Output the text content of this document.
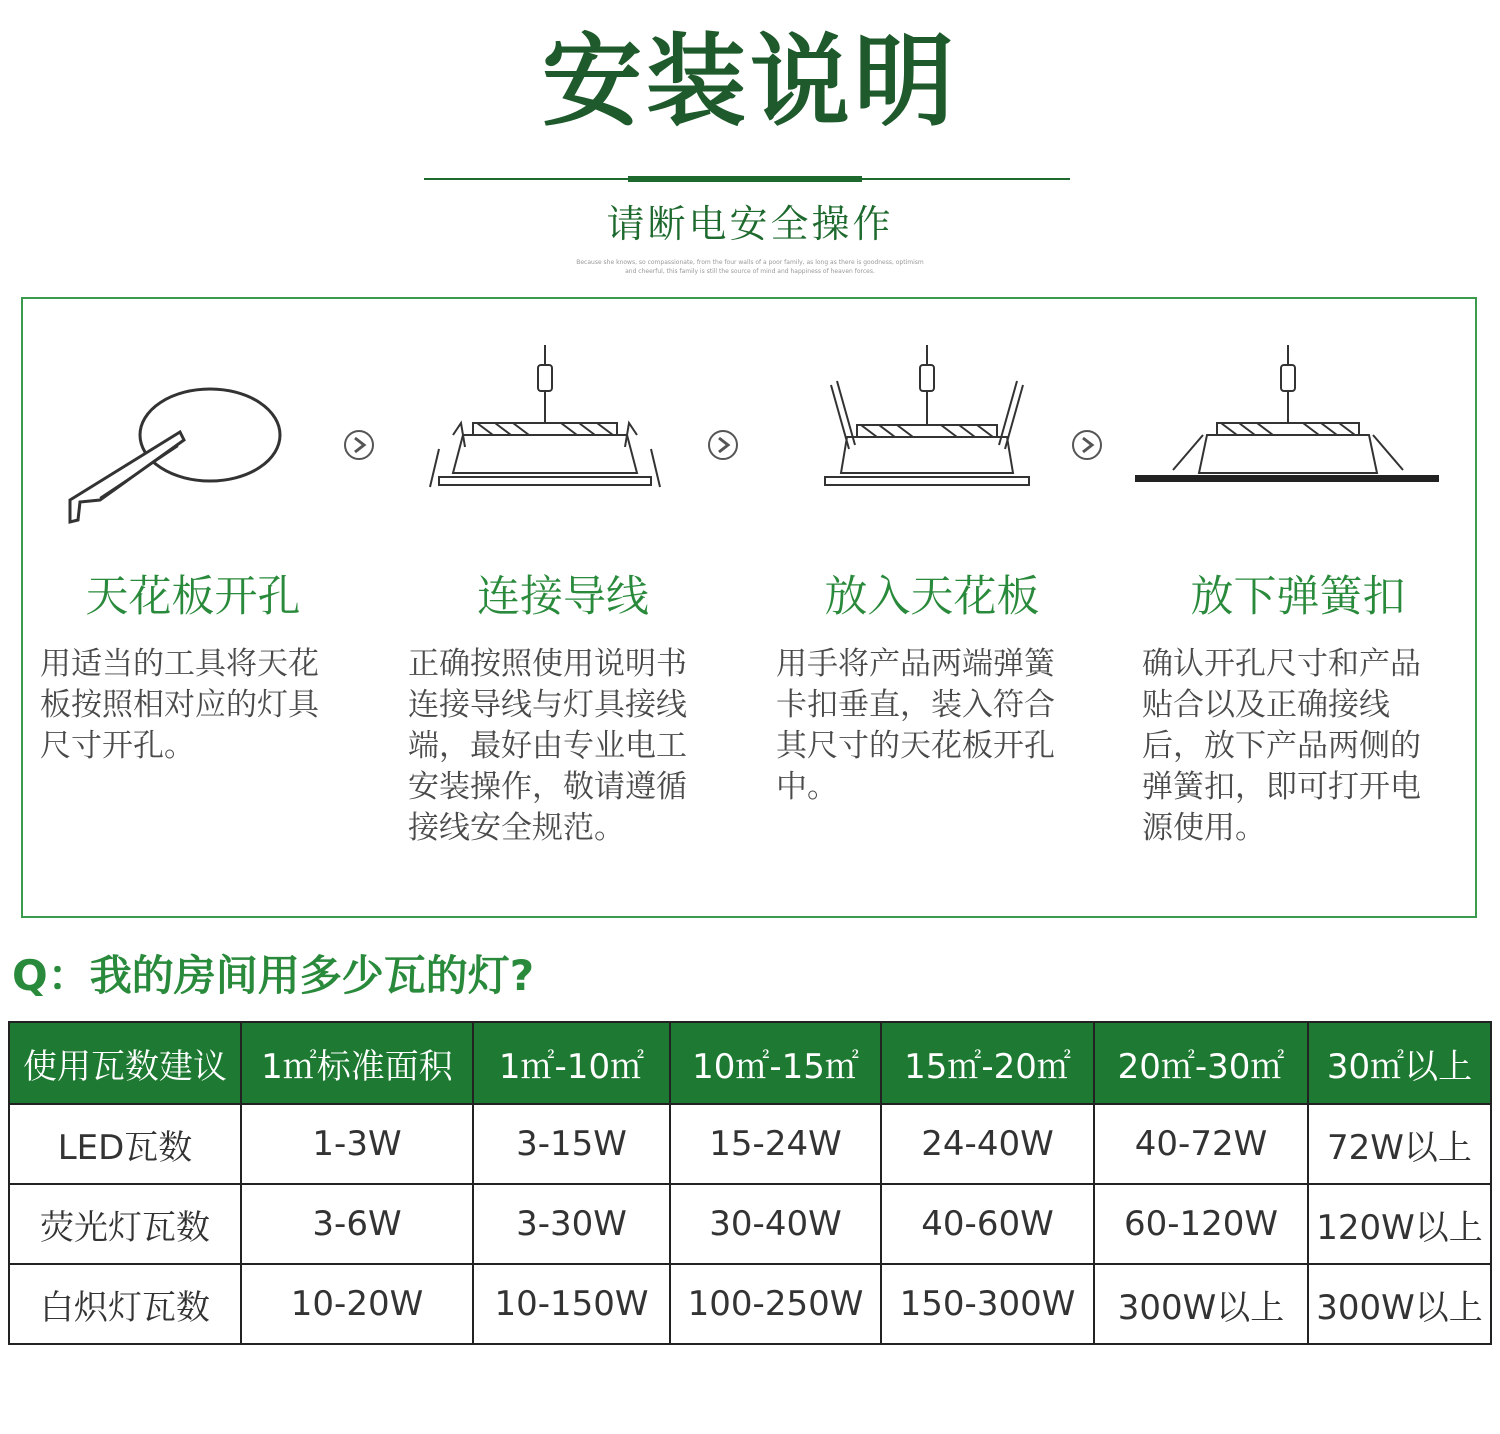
安装说明
请断电安全操作
Because she knows, so compassionate, from the four walls of a poor family, as long as there is goodness, optimism
and cheerful, this family is still the source of mind and happiness of heaven forces.
天花板开孔	连接导线	放入天花板	放下弹簧扣
用适当的工具将天花
板按照相对应的灯具
尺寸开孔。
正确按照使用说明书
连接导线与灯具接线
端，最好由专业电工
安装操作，敬请遵循
接线安全规范。
用手将产品两端弹簧
卡扣垂直，装入符合
其尺寸的天花板开孔
中。
确认开孔尺寸和产品
贴合以及正确接线
后，放下产品两侧的
弹簧扣，即可打开电
源使用。
Q：我的房间用多少瓦的灯?
使用瓦数建议	1㎡标准面积	1㎡-10㎡	10㎡-15㎡	15㎡-20㎡	20㎡-30㎡	30㎡以上
LED瓦数	1-3W	3-15W	15-24W	24-40W	40-72W	72W以上
荧光灯瓦数	3-6W	3-30W	30-40W	40-60W	60-120W	120W以上
白炽灯瓦数	10-20W	10-150W	100-250W	150-300W	300W以上	300W以上
